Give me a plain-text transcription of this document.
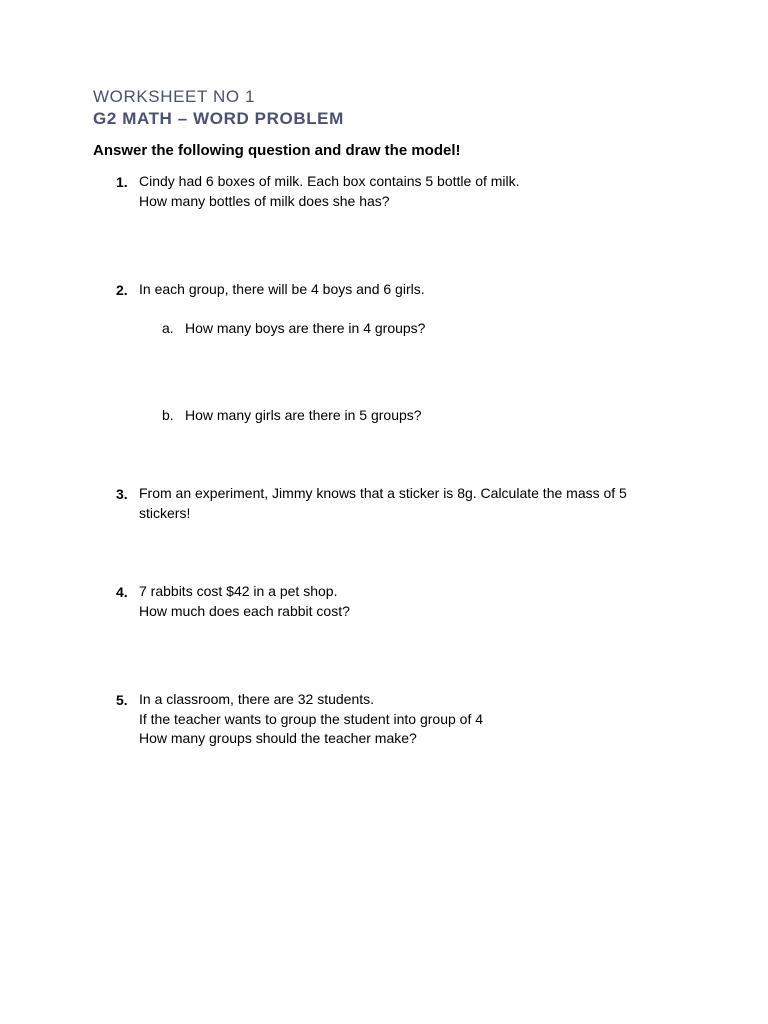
WORKSHEET NO 1
G2 MATH – WORD PROBLEM
Answer the following question and draw the model!
1. Cindy had 6 boxes of milk. Each box contains 5 bottle of milk.
How many bottles of milk does she has?
2. In each group, there will be 4 boys and 6 girls.
a. How many boys are there in 4 groups?
b. How many girls are there in 5 groups?
3. From an experiment, Jimmy knows that a sticker is 8g. Calculate the mass of 5
stickers!
4. 7 rabbits cost $42 in a pet shop.
How much does each rabbit cost?
5. In a classroom, there are 32 students.
If the teacher wants to group the student into group of 4
How many groups should the teacher make?
